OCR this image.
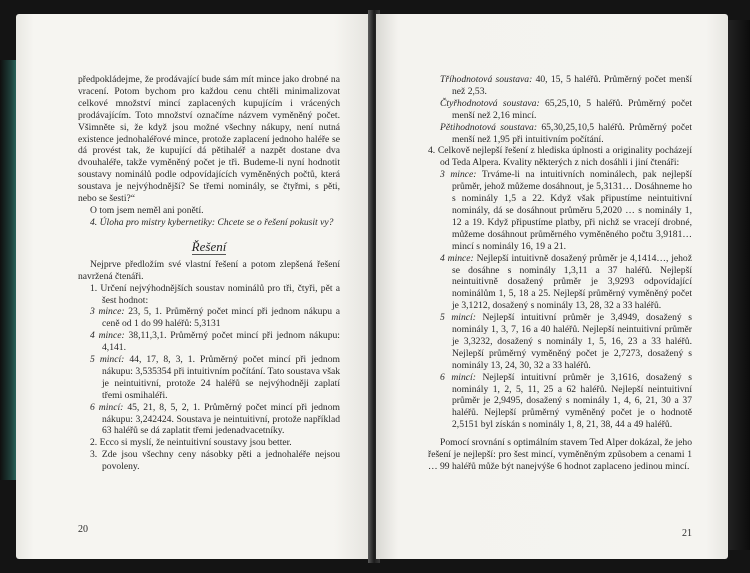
předpokládejme, že prodávající bude sám mít mince jako drobné na vracení. Potom bychom pro každou cenu chtěli minimalizovat celkové množství mincí zaplacených kupujícím i vrácených prodávajícím. Toto množství označíme názvem vyměněný počet. Všimněte si, že když jsou možné všechny nákupy, není nutná existence jednohaléřové mince, protože zaplacení jednoho haléře se dá provést tak, že kupující dá pětihaléř a nazpět dostane dva dvouhaléře, takže vyměněný počet je tři. Budeme-li nyní hodnotit soustavy nominálů podle odpovídajících vyměněných počtů, která soustava je nejvýhodnější? Se třemi nominály, se čtyřmi, s pěti, nebo se šesti?“

O tom jsem neměl ani ponětí.

4. Úloha pro mistry kybernetiky: Chcete se o řešení pokusit vy?

Řešení

Nejprve předložím své vlastní řešení a potom zlepšená řešení navržená čtenáři.

1. Určení nejvýhodnějších soustav nominálů pro tři, čtyři, pět a šest hodnot:

3 mince: 23, 5, 1. Průměrný počet mincí při jednom nákupu a ceně od 1 do 99 haléřů: 5,3131

4 mince: 38,11,3,1. Průměrný počet mincí při jednom nákupu: 4,141.

5 mincí: 44, 17, 8, 3, 1. Průměrný počet mincí při jednom nákupu: 3,535354 při intuitivním počítání. Tato soustava však je neintuitivní, protože 24 haléřů se nejvýhodněji zaplatí třemi osmihaléři.

6 mincí: 45, 21, 8, 5, 2, 1. Průměrný počet mincí při jednom nákupu: 3,242424. Soustava je neintuitivní, protože například 63 haléřů se dá zaplatit třemi jedenadvacetníky.

2. Ecco si myslí, že neintuitivní soustavy jsou better.

3. Zde jsou všechny ceny násobky pěti a jednohaléře nejsou povoleny.

20

Tříhodnotová soustava: 40, 15, 5 haléřů. Průměrný počet menší než 2,53.

Čtyřhodnotová soustava: 65,25,10, 5 haléřů. Průměrný počet menší než 2,16 mincí.

Pětihodnotová soustava: 65,30,25,10,5 haléřů. Průměrný počet menší než 1,95 při intuitivním počítání.

4. Celkově nejlepší řešení z hlediska úplnosti a originality pocházejí od Teda Alpera. Kvality některých z nich dosáhli i jiní čtenáři:

3 mince: Trváme-li na intuitivních nominálech, pak nejlepší průměr, jehož můžeme dosáhnout, je 5,3131… Dosáhneme ho s nominály 1,5 a 22. Když však připustíme neintuitivní nominály, dá se dosáhnout průměru 5,2020 … s nominály 1, 12 a 19. Když připustíme platby, při nichž se vracejí drobné, můžeme dosáhnout průměrného vyměněného počtu 3,9181… mincí s nominály 16, 19 a 21.

4 mince: Nejlepší intuitivně dosažený průměr je 4,1414…, jehož se dosáhne s nominály 1,3,11 a 37 haléřů. Nejlepší neintuitivně dosažený průměr je 3,9293 odpovídající nominálům 1, 5, 18 a 25. Nejlepší průměrný vyměněný počet je 3,1212, dosažený s nominály 13, 28, 32 a 33 haléřů.

5 mincí: Nejlepší intuitivní průměr je 3,4949, dosažený s nominály 1, 3, 7, 16 a 40 haléřů. Nejlepší neintuitivní průměr je 3,3232, dosažený s nominály 1, 5, 16, 23 a 33 haléřů. Nejlepší průměrný vyměněný počet je 2,7273, dosažený s nominály 13, 24, 30, 32 a 33 haléřů.

6 mincí: Nejlepší intuitivní průměr je 3,1616, dosažený s nominály 1, 2, 5, 11, 25 a 62 haléřů. Nejlepší neintuitivní průměr je 2,9495, dosažený s nominály 1, 4, 6, 21, 30 a 37 haléřů. Nejlepší průměrný vyměněný počet je o hodnotě 2,5151 byl získán s nominály 1, 8, 21, 38, 44 a 49 haléřů.

Pomocí srovnání s optimálním stavem Ted Alper dokázal, že jeho řešení je nejlepší: pro šest mincí, vyměněným způsobem a cenami 1 … 99 haléřů může být nanejvýše 6 hodnot zaplaceno jedinou mincí.

21
